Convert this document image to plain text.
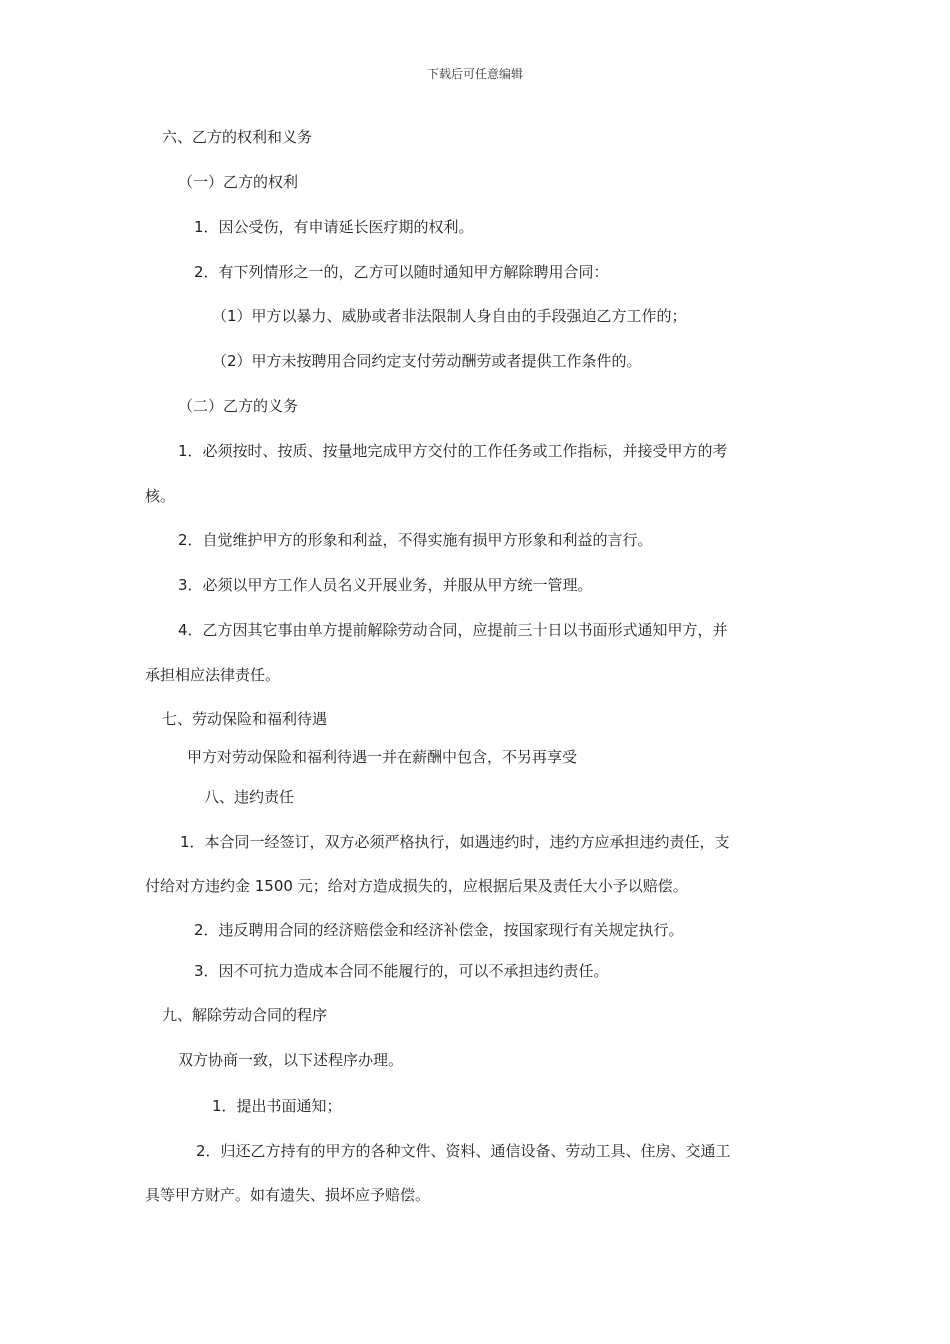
下载后可任意编辑

六、乙方的权利和义务

（一）乙方的权利

1．因公受伤，有申请延长医疗期的权利。

2．有下列情形之一的，乙方可以随时通知甲方解除聘用合同：

（1）甲方以暴力、威胁或者非法限制人身自由的手段强迫乙方工作的；

（2）甲方未按聘用合同约定支付劳动酬劳或者提供工作条件的。

（二）乙方的义务

1．必须按时、按质、按量地完成甲方交付的工作任务或工作指标，并接受甲方的考

核。

2．自觉维护甲方的形象和利益，不得实施有损甲方形象和利益的言行。

3．必须以甲方工作人员名义开展业务，并服从甲方统一管理。

4．乙方因其它事由单方提前解除劳动合同，应提前三十日以书面形式通知甲方，并

承担相应法律责任。

七、劳动保险和福利待遇

甲方对劳动保险和福利待遇一并在薪酬中包含，不另再享受

八、违约责任

1．本合同一经签订，双方必须严格执行，如遇违约时，违约方应承担违约责任，支

付给对方违约金 1500 元；给对方造成损失的，应根据后果及责任大小予以赔偿。

2．违反聘用合同的经济赔偿金和经济补偿金，按国家现行有关规定执行。

3．因不可抗力造成本合同不能履行的，可以不承担违约责任。

九、解除劳动合同的程序

双方协商一致，以下述程序办理。

1．提出书面通知；

2．归还乙方持有的甲方的各种文件、资料、通信设备、劳动工具、住房、交通工

具等甲方财产。如有遗失、损坏应予赔偿。
